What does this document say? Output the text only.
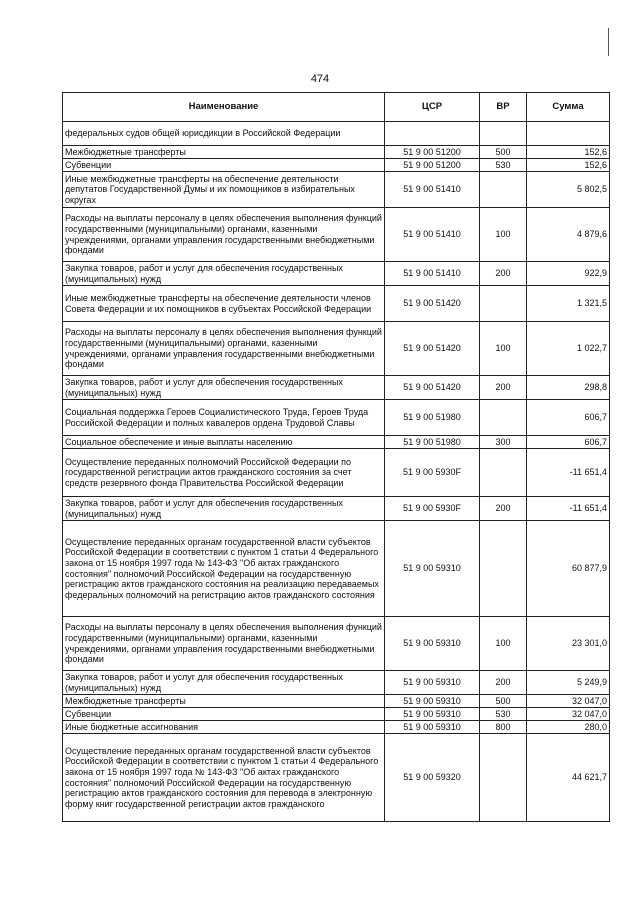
474
Наименование	ЦСР	ВР	Сумма
федеральных судов общей юрисдикции в Российской Федерации			
Межбюджетные трансферты	51 9 00 51200	500	152,6
Субвенции	51 9 00 51200	530	152,6
Иные межбюджетные трансферты на обеспечение деятельности депутатов Государственной Думы и их помощников в избирательных округах	51 9 00 51410		5 802,5
Расходы на выплаты персоналу в целях обеспечения выполнения функций государственными (муниципальными) органами, казенными учреждениями, органами управления государственными внебюджетными фондами	51 9 00 51410	100	4 879,6
Закупка товаров, работ и услуг для обеспечения государственных (муниципальных) нужд	51 9 00 51410	200	922,9
Иные межбюджетные трансферты на обеспечение деятельности членов Совета Федерации и их помощников в субъектах Российской Федерации	51 9 00 51420		1 321,5
Расходы на выплаты персоналу в целях обеспечения выполнения функций государственными (муниципальными) органами, казенными учреждениями, органами управления государственными внебюджетными фондами	51 9 00 51420	100	1 022,7
Закупка товаров, работ и услуг для обеспечения государственных (муниципальных) нужд	51 9 00 51420	200	298,8
Социальная поддержка Героев Социалистического Труда, Героев Труда Российской Федерации и полных кавалеров ордена Трудовой Славы	51 9 00 51980		606,7
Социальное обеспечение и иные выплаты населению	51 9 00 51980	300	606,7
Осуществление переданных полномочий Российской Федерации по государственной регистрации актов гражданского состояния за счет средств резервного фонда Правительства Российской Федерации	51 9 00 5930F		-11 651,4
Закупка товаров, работ и услуг для обеспечения государственных (муниципальных) нужд	51 9 00 5930F	200	-11 651,4
Осуществление переданных органам государственной власти субъектов Российской Федерации в соответствии с пунктом 1 статьи 4 Федерального закона от 15 ноября 1997 года № 143-ФЗ "Об актах гражданского состояния" полномочий Российской Федерации на государственную регистрацию актов гражданского состояния на реализацию передаваемых федеральных полномочий на регистрацию актов гражданского состояния	51 9 00 59310		60 877,9
Расходы на выплаты персоналу в целях обеспечения выполнения функций государственными (муниципальными) органами, казенными учреждениями, органами управления государственными внебюджетными фондами	51 9 00 59310	100	23 301,0
Закупка товаров, работ и услуг для обеспечения государственных (муниципальных) нужд	51 9 00 59310	200	5 249,9
Межбюджетные трансферты	51 9 00 59310	500	32 047,0
Субвенции	51 9 00 59310	530	32 047,0
Иные бюджетные ассигнования	51 9 00 59310	800	280,0
Осуществление переданных органам государственной власти субъектов Российской Федерации в соответствии с пунктом 1 статьи 4 Федерального закона от 15 ноября 1997 года № 143-ФЗ "Об актах гражданского состояния" полномочий Российской Федерации на государственную регистрацию актов гражданского состояния для перевода в электронную форму книг государственной регистрации актов гражданского	51 9 00 59320		44 621,7
